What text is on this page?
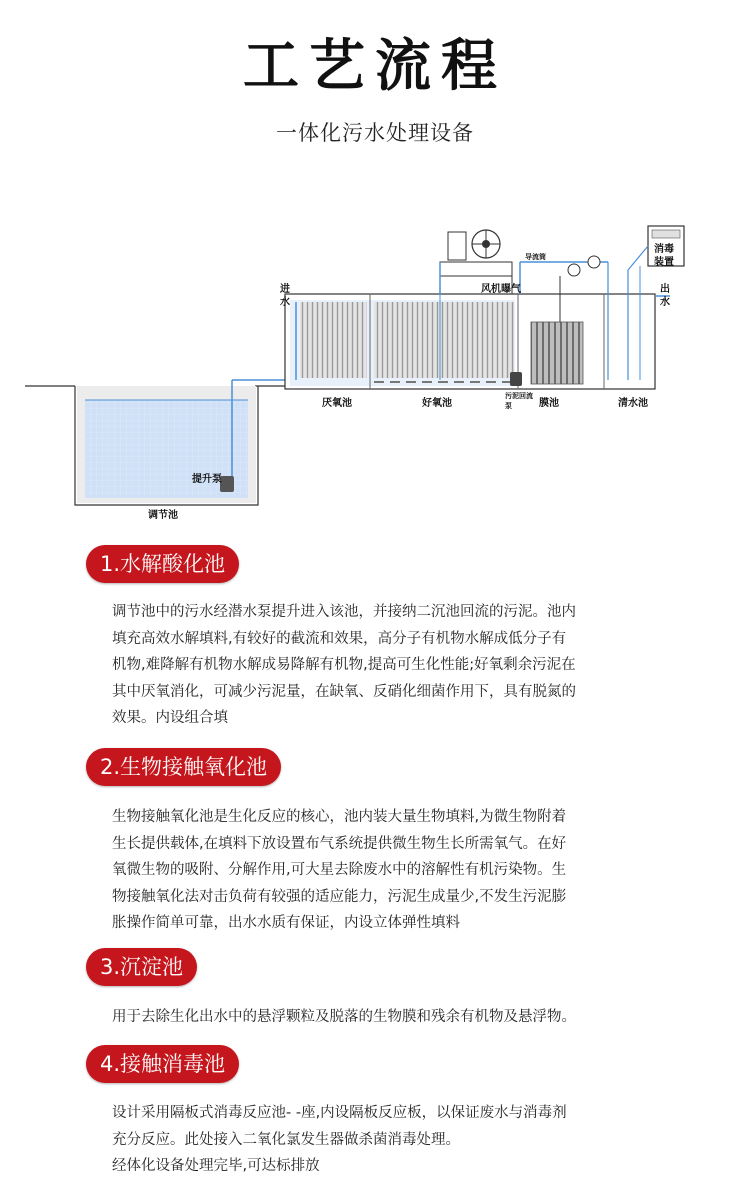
工艺流程
一体化污水处理设备
风机曝气
导流筒
厌氧池	好氧池	膜池	清水池
提升泵
调节池
进水
出水
消毒装置
污泥回流泵
1.水解酸化池
调节池中的污水经潜水泵提升进入该池，并接纳二沉池回流的污泥。池内
填充高效水解填料,有较好的截流和效果，高分子有机物水解成低分子有
机物,难降解有机物水解成易降解有机物,提高可生化性能;好氧剩余污泥在
其中厌氧消化，可减少污泥量，在缺氧、反硝化细菌作用下，具有脱氮的
效果。内设组合填
2.生物接触氧化池
生物接触氧化池是生化反应的核心，池内装大量生物填料,为微生物附着
生长提供载体,在填料下放设置布气系统提供微生物生长所需氧气。在好
氧微生物的吸附、分解作用,可大星去除废水中的溶解性有机污染物。生
物接触氧化法对击负荷有较强的适应能力，污泥生成量少,不发生污泥膨
胀操作简单可靠，出水水质有保证，内设立体弹性填料
3.沉淀池
用于去除生化出水中的悬浮颗粒及脱落的生物膜和残余有机物及悬浮物。
4.接触消毒池
设计采用隔板式消毒反应池- -座,内设隔板反应板，以保证废水与消毒剂
充分反应。此处接入二氧化氯发生器做杀菌消毒处理。
经体化设备处理完毕,可达标排放
